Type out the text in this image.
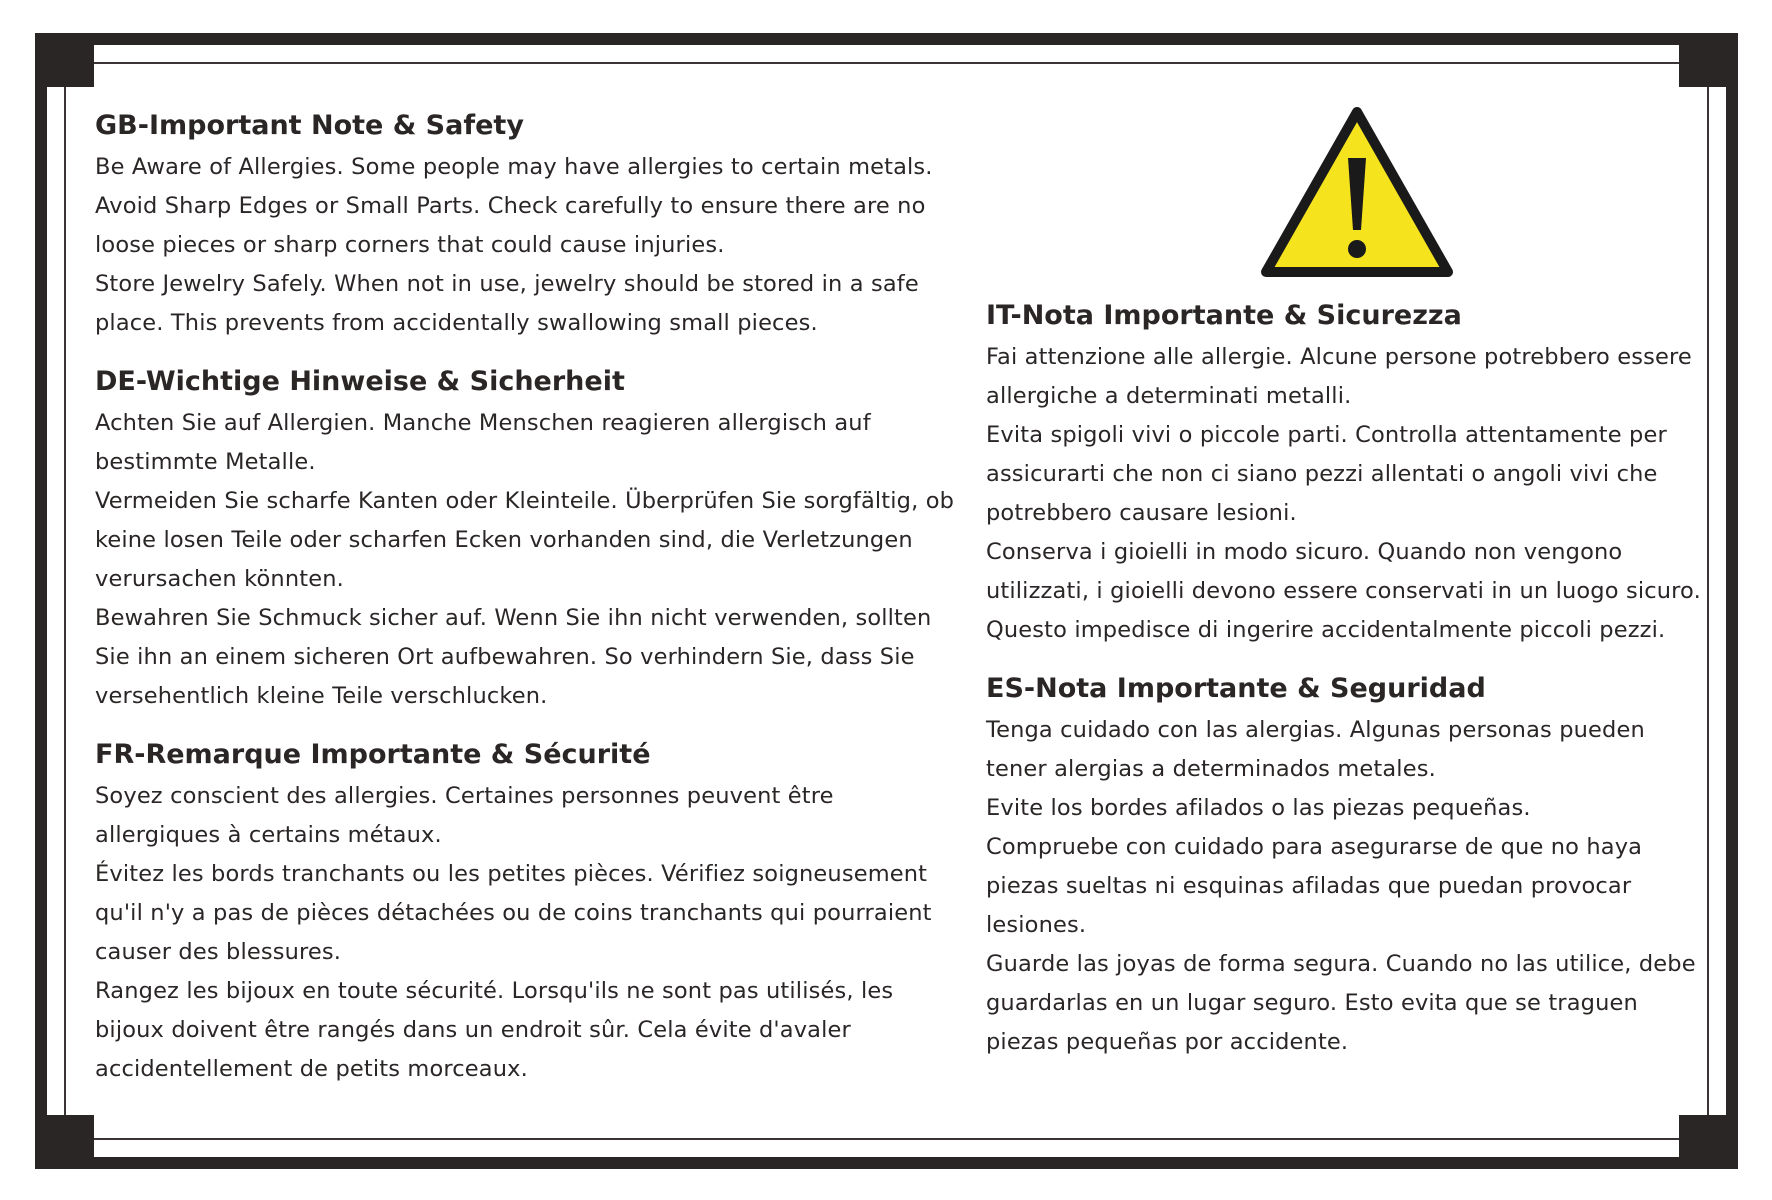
GB-Important Note & Safety

Be Aware of Allergies. Some people may have allergies to certain metals.

Avoid Sharp Edges or Small Parts. Check carefully to ensure there are no loose pieces or sharp corners that could cause injuries.

Store Jewelry Safely. When not in use, jewelry should be stored in a safe place. This prevents from accidentally swallowing small pieces.

DE-Wichtige Hinweise & Sicherheit

Achten Sie auf Allergien. Manche Menschen reagieren allergisch auf bestimmte Metalle.

Vermeiden Sie scharfe Kanten oder Kleinteile. Überprüfen Sie sorgfältig, ob keine losen Teile oder scharfen Ecken vorhanden sind, die Verletzungen verursachen könnten.

Bewahren Sie Schmuck sicher auf. Wenn Sie ihn nicht verwenden, sollten Sie ihn an einem sicheren Ort aufbewahren. So verhindern Sie, dass Sie versehentlich kleine Teile verschlucken.

FR-Remarque Importante & Sécurité

Soyez conscient des allergies. Certaines personnes peuvent être allergiques à certains métaux.

Évitez les bords tranchants ou les petites pièces. Vérifiez soigneusement qu'il n'y a pas de pièces détachées ou de coins tranchants qui pourraient causer des blessures.

Rangez les bijoux en toute sécurité. Lorsqu'ils ne sont pas utilisés, les bijoux doivent être rangés dans un endroit sûr. Cela évite d'avaler accidentellement de petits morceaux.

IT-Nota Importante & Sicurezza

Fai attenzione alle allergie. Alcune persone potrebbero essere allergiche a determinati metalli.

Evita spigoli vivi o piccole parti. Controlla attentamente per assicurarti che non ci siano pezzi allentati o angoli vivi che potrebbero causare lesioni.

Conserva i gioielli in modo sicuro. Quando non vengono utilizzati, i gioielli devono essere conservati in un luogo sicuro. Questo impedisce di ingerire accidentalmente piccoli pezzi.

ES-Nota Importante & Seguridad

Tenga cuidado con las alergias. Algunas personas pueden tener alergias a determinados metales.

Evite los bordes afilados o las piezas pequeñas.

Compruebe con cuidado para asegurarse de que no haya piezas sueltas ni esquinas afiladas que puedan provocar lesiones.

Guarde las joyas de forma segura. Cuando no las utilice, debe guardarlas en un lugar seguro. Esto evita que se traguen piezas pequeñas por accidente.
